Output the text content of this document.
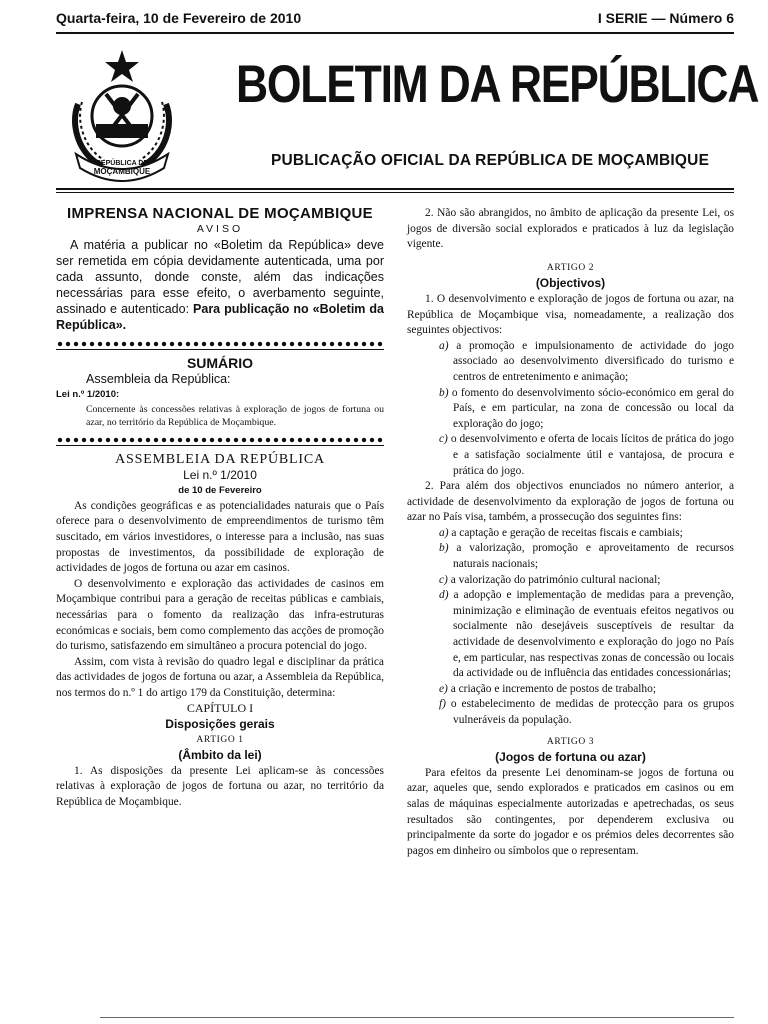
Quarta-feira, 10 de Fevereiro de 2010	I SERIE — Número 6
REPÚBLICA DE
MOÇAMBIQUE
BOLETIM DA REPÚBLICA
PUBLICAÇÃO OFICIAL DA REPÚBLICA DE MOÇAMBIQUE

IMPRENSA NACIONAL DE MOÇAMBIQUE

AVISO

A matéria a publicar no «Boletim da República» deve ser remetida em cópia devidamente autenticada, uma por cada assunto, donde conste, além das indicações necessárias para esse efeito, o averbamento seguinte, assinado e autenticado: Para publicação no «Boletim da República».

SUMÁRIO

Assembleia da República:

Lei n.º 1/2010:

Concernente às concessões relativas à exploração de jogos de fortuna ou azar, no território da República de Moçambique.

ASSEMBLEIA DA REPÚBLICA

Lei n.º 1/2010

de 10 de Fevereiro

As condições geográficas e as potencialidades naturais que o País oferece para o desenvolvimento de empreendimentos de turismo têm suscitado, em vários investidores, o interesse para a inclusão, nas suas propostas de investimentos, da possibilidade de exploração de actividades de jogos de fortuna ou azar em casinos.

O desenvolvimento e exploração das actividades de casinos em Moçambique contribui para a geração de receitas públicas e cambiais, necessárias para o fomento da realização das infra-estruturas económicas e sociais, bem como complemento das acções de promoção do turismo, satisfazendo em simultâneo a procura potencial do jogo.

Assim, com vista à revisão do quadro legal e disciplinar da prática das actividades de jogos de fortuna ou azar, a Assembleia da República, nos termos do n.º 1 do artigo 179 da Constituição, determina:

CAPÍTULO I

Disposições gerais

ARTIGO 1

(Âmbito da lei)

1. As disposições da presente Lei aplicam-se às concessões relativas à exploração de jogos de fortuna ou azar, no território da República de Moçambique.

2. Não são abrangidos, no âmbito de aplicação da presente Lei, os jogos de diversão social explorados e praticados à luz da legislação vigente.

ARTIGO 2

(Objectivos)

1. O desenvolvimento e exploração de jogos de fortuna ou azar, na República de Moçambique visa, nomeadamente, a realização dos seguintes objectivos:

a) a promoção e impulsionamento de actividade do jogo associado ao desenvolvimento diversificado do turismo e centros de entretenimento e animação;

b) o fomento do desenvolvimento sócio-económico em geral do País, e em particular, na zona de concessão ou local da exploração do jogo;

c) o desenvolvimento e oferta de locais lícitos de prática do jogo e a satisfação socialmente útil e vantajosa, de procura e prática do jogo.

2. Para além dos objectivos enunciados no número anterior, a actividade de desenvolvimento da exploração de jogos de fortuna ou azar no País visa, também, a prossecução dos seguintes fins:

a) a captação e geração de receitas fiscais e cambiais;

b) a valorização, promoção e aproveitamento de recursos naturais nacionais;

c) a valorização do património cultural nacional;

d) a adopção e implementação de medidas para a prevenção, minimização e eliminação de eventuais efeitos negativos ou socialmente não desejáveis susceptíveis de resultar da actividade de desenvolvimento e exploração do jogo no País e, em particular, nas respectivas zonas de concessão ou locais da actividade ou de influência das entidades concessionárias;

e) a criação e incremento de postos de trabalho;

f) o estabelecimento de medidas de protecção para os grupos vulneráveis da população.

ARTIGO 3

(Jogos de fortuna ou azar)

Para efeitos da presente Lei denominam-se jogos de fortuna ou azar, aqueles que, sendo explorados e praticados em casinos ou em salas de máquinas especialmente autorizadas e apetrechadas, os seus resultados são contingentes, por dependerem exclusiva ou principalmente da sorte do jogador e os prémios deles decorrentes são pagos em dinheiro ou símbolos que o representam.
